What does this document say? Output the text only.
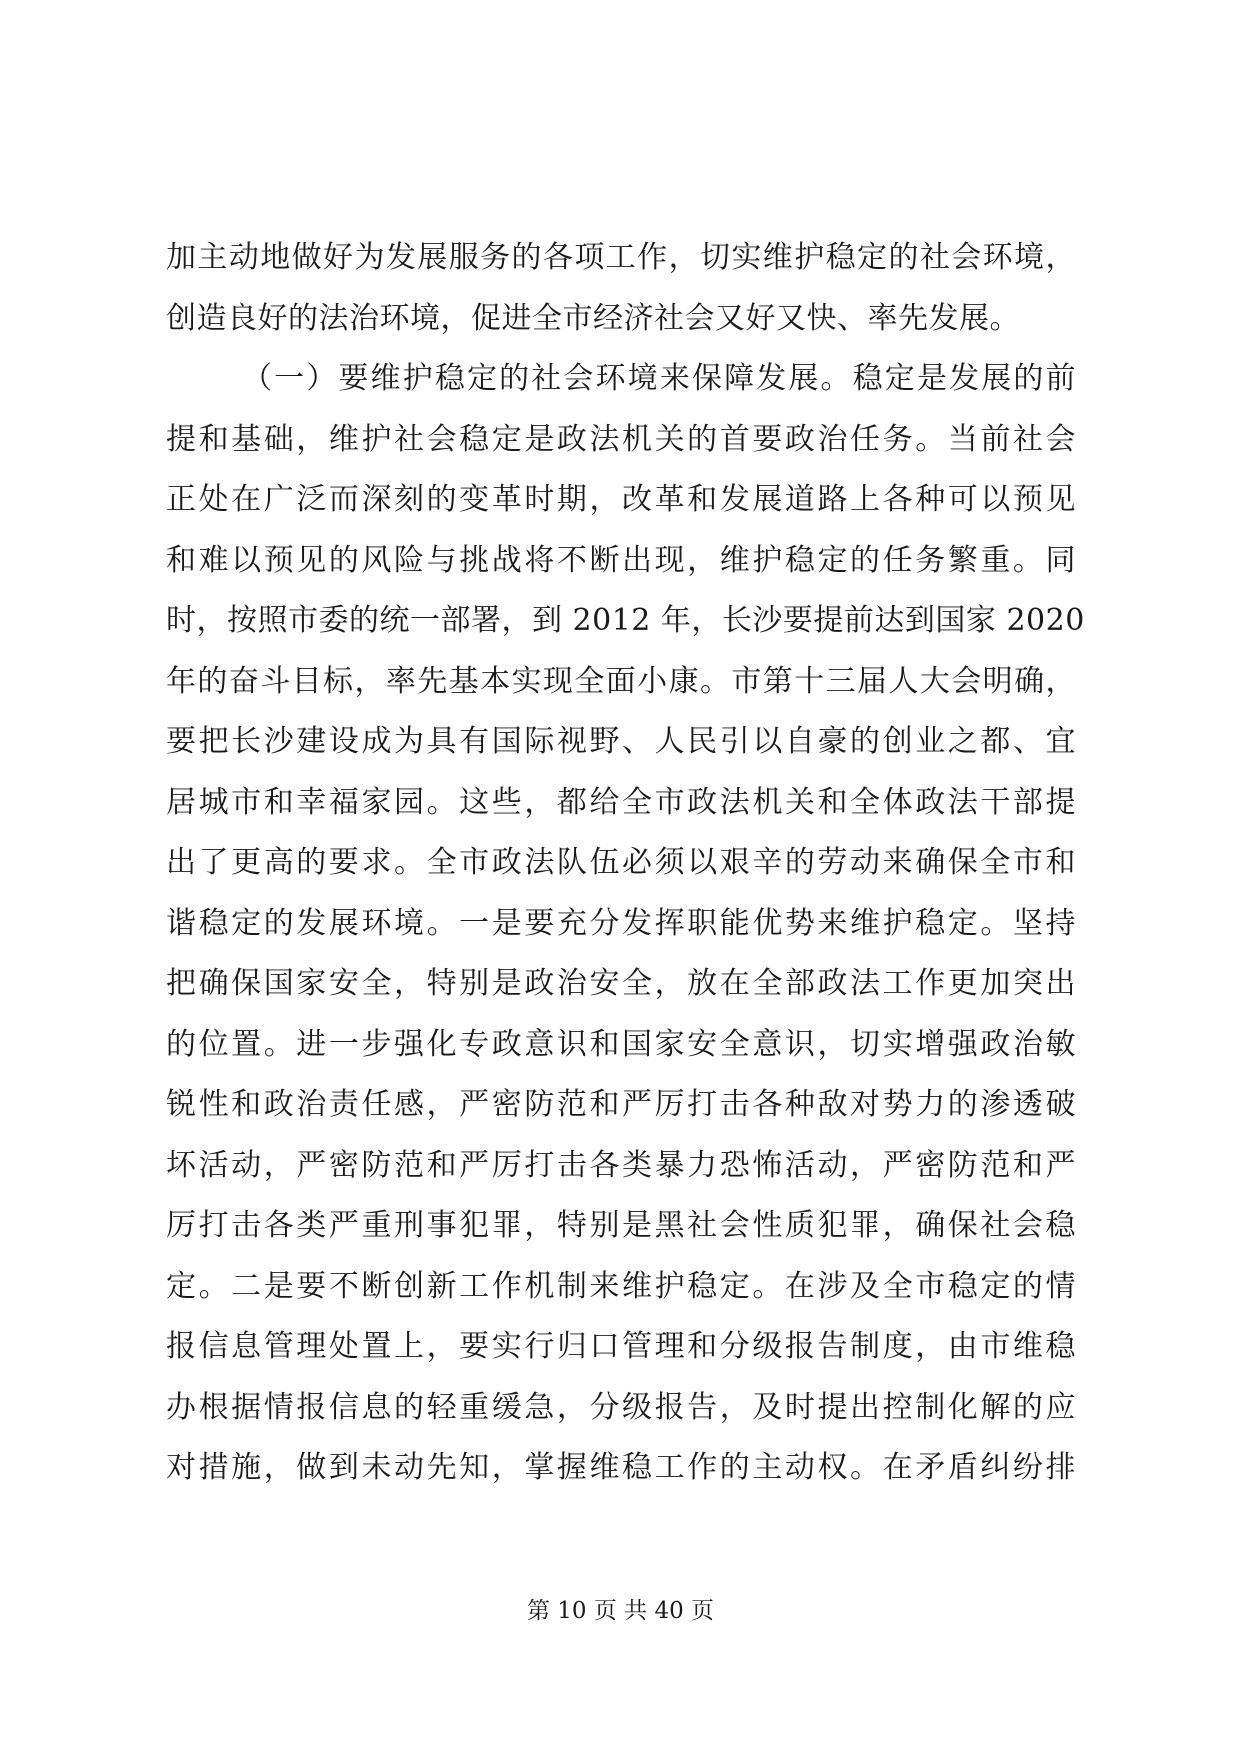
加主动地做好为发展服务的各项工作，切实维护稳定的社会环境，
创造良好的法治环境，促进全市经济社会又好又快、率先发展。
（一）要维护稳定的社会环境来保障发展。稳定是发展的前
提和基础，维护社会稳定是政法机关的首要政治任务。当前社会
正处在广泛而深刻的变革时期，改革和发展道路上各种可以预见
和难以预见的风险与挑战将不断出现，维护稳定的任务繁重。同
时，按照市委的统一部署，到 2012 年，长沙要提前达到国家 2020
年的奋斗目标，率先基本实现全面小康。市第十三届人大会明确，
要把长沙建设成为具有国际视野、人民引以自豪的创业之都、宜
居城市和幸福家园。这些，都给全市政法机关和全体政法干部提
出了更高的要求。全市政法队伍必须以艰辛的劳动来确保全市和
谐稳定的发展环境。一是要充分发挥职能优势来维护稳定。坚持
把确保国家安全，特别是政治安全，放在全部政法工作更加突出
的位置。进一步强化专政意识和国家安全意识，切实增强政治敏
锐性和政治责任感，严密防范和严厉打击各种敌对势力的渗透破
坏活动，严密防范和严厉打击各类暴力恐怖活动，严密防范和严
厉打击各类严重刑事犯罪，特别是黑社会性质犯罪，确保社会稳
定。二是要不断创新工作机制来维护稳定。在涉及全市稳定的情
报信息管理处置上，要实行归口管理和分级报告制度，由市维稳
办根据情报信息的轻重缓急，分级报告，及时提出控制化解的应
对措施，做到未动先知，掌握维稳工作的主动权。在矛盾纠纷排
第 10 页 共 40 页
